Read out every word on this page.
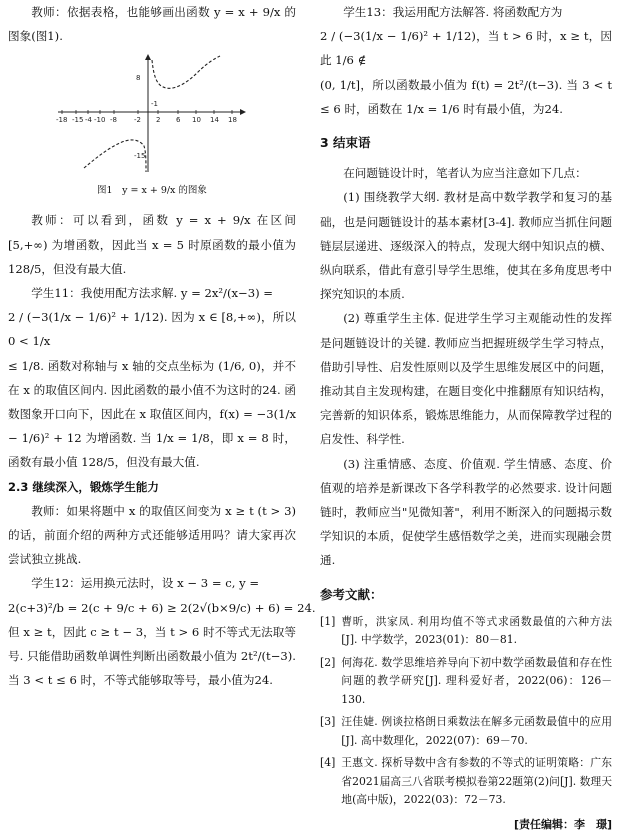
教师：依据表格，也能够画出函数 y = x + 9/x 的图象(图1).

-18 -15 -4 -10 -8 -2 2 6 10 14 18
8
-1
-15

图1　y = x + 9/x 的图象

教师：可以看到，函数 y = x + 9/x 在区间 [5,+∞) 为增函数，因此当 x = 5 时原函数的最小值为 128/5，但没有最大值.

学生11：我使用配方法求解. y = 2x²/(x−3) =

2 / (−3(1/x − 1/6)² + 1/12). 因为 x ∈ [8,+∞)，所以 0 < 1/x

≤ 1/8. 函数对称轴与 x 轴的交点坐标为 (1/6, 0)，并不在 x 的取值区间内. 因此函数的最小值不为这时的24. 函数图象开口向下，因此在 x 取值区间内，f(x) = −3(1/x − 1/6)² + 12 为增函数. 当 1/x = 1/8，即 x = 8 时，函数有最小值 128/5，但没有最大值.

2.3 继续深入，锻炼学生能力

教师：如果将题中 x 的取值区间变为 x ≥ t (t > 3) 的话，前面介绍的两种方式还能够适用吗？请大家再次尝试独立挑战.

学生12：运用换元法时，设 x − 3 = c, y =

2(c+3)²/b = 2(c + 9/c + 6) ≥ 2(2√(b×9/c) + 6) = 24.

但 x ≥ t，因此 c ≥ t − 3，当 t > 6 时不等式无法取等号. 只能借助函数单调性判断出函数最小值为 2t²/(t−3). 当 3 < t ≤ 6 时，不等式能够取等号，最小值为24.

学生13：我运用配方法解答. 将函数配方为

2 / (−3(1/x − 1/6)² + 1/12)，当 t > 6 时，x ≥ t，因此 1/6 ∉

(0, 1/t]，所以函数最小值为 f(t) = 2t²/(t−3). 当 3 < t ≤ 6 时，函数在 1/x = 1/6 时有最小值，为24.

3 结束语

在问题链设计时，笔者认为应当注意如下几点：

(1) 围绕教学大纲. 教材是高中数学教学和复习的基础，也是问题链设计的基本素材[3-4]. 教师应当抓住问题链层层递进、逐级深入的特点，发现大纲中知识点的横、纵向联系，借此有意引导学生思维，使其在多角度思考中探究知识的本质.

(2) 尊重学生主体. 促进学生学习主观能动性的发挥是问题链设计的关键. 教师应当把握班级学生学习特点，借助引导性、启发性原则以及学生思维发展区中的问题，推动其自主发现构建，在题目变化中推翻原有知识结构，完善新的知识体系，锻炼思维能力，从而保障教学过程的启发性、科学性.

(3) 注重情感、态度、价值观. 学生情感、态度、价值观的培养是新课改下各学科教学的必然要求. 设计问题链时，教师应当"见微知著"，利用不断深入的问题揭示数学知识的本质，促使学生感悟数学之美，进而实现融会贯通.

参考文献：

[1] 曹昕，洪家凤. 利用均值不等式求函数最值的六种方法[J]. 中学数学，2023(01)：80－81.
[2] 何海花. 数学思维培养导向下初中数学函数最值和存在性问题的教学研究[J]. 理科爱好者，2022(06)：126－130.
[3] 汪佳婕. 例谈拉格朗日乘数法在解多元函数最值中的应用[J]. 高中数理化，2022(07)：69－70.
[4] 王惠文. 探析导数中含有参数的不等式的证明策略：广东省2021届高三八省联考模拟卷第22题第(2)问[J]. 数理天地(高中版)，2022(03)：72－73.
[责任编辑：李　璟]
